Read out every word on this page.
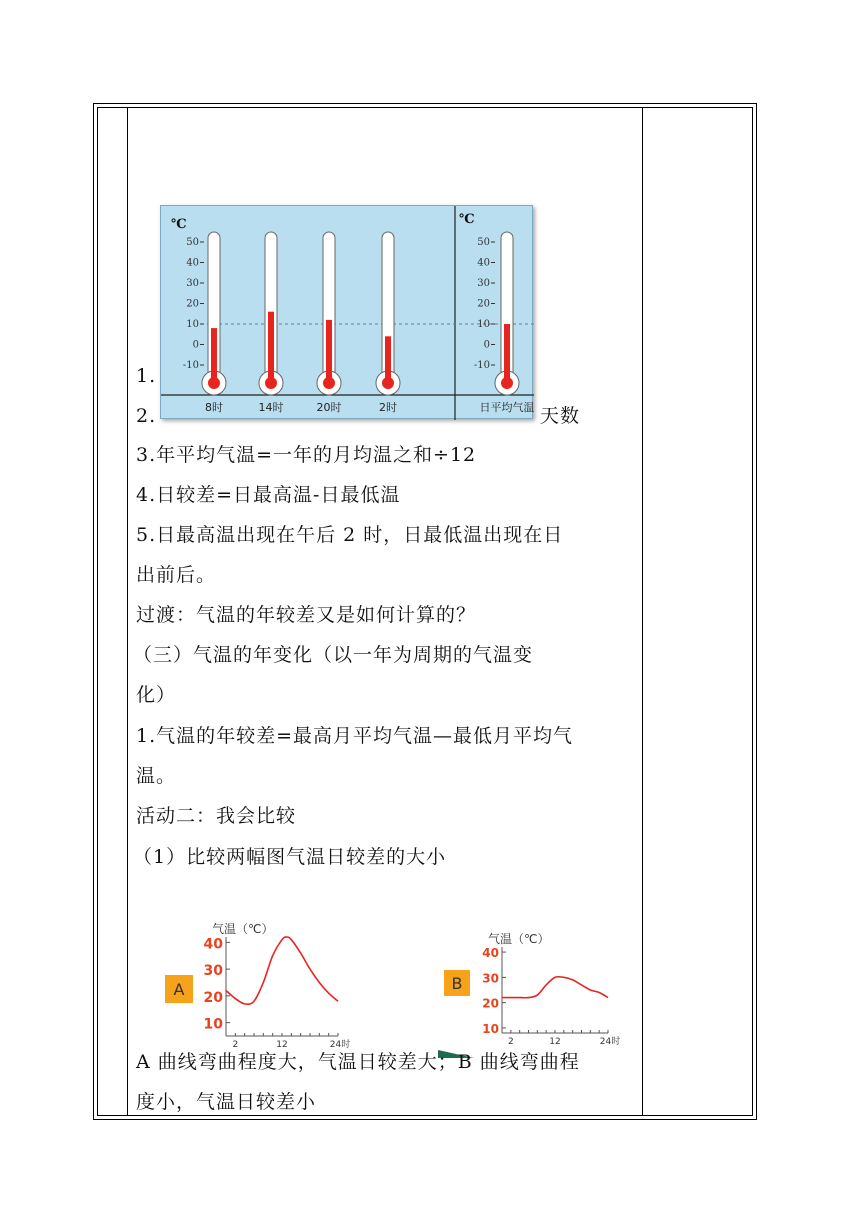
℃	℃
50
40
30
20
10
0
-10
50
40
30
20
10
0
-10
8时	14时	20时	2时	日平均气温
1.
2.	天数
3.年平均气温=一年的月均温之和÷12
4.日较差=日最高温-日最低温
5.日最高温出现在午后 2 时，日最低温出现在日
出前后。
过渡：气温的年较差又是如何计算的？
（三）气温的年变化（以一年为周期的气温变
化）
1.气温的年较差=最高月平均气温—最低月平均气
温。
活动二：我会比较
（1）比较两幅图气温日较差的大小
气温（℃）
40
30
20
10
2	12	24时
A
气温（℃）
40
30
20
10
2	12	24时
B
A 曲线弯曲程度大，气温日较差大；B 曲线弯曲程
度小，气温日较差小
